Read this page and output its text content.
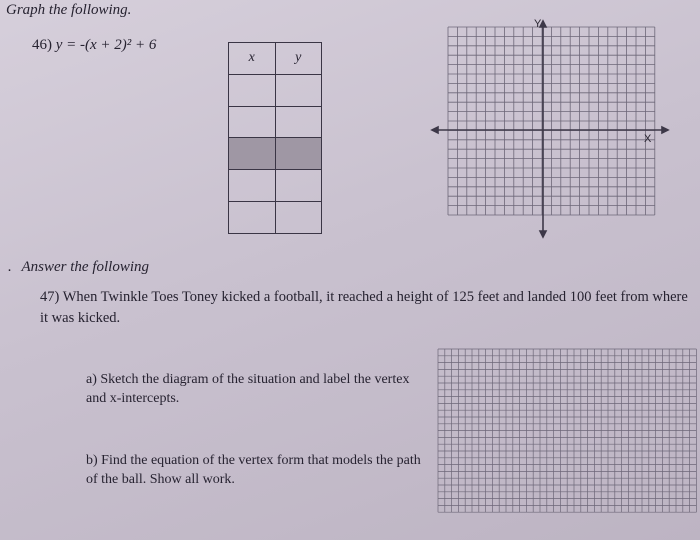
Graph the following.
46) y = -(x + 2)² + 6
x	y

Y
X
. Answer the following
47) When Twinkle Toes Toney kicked a football, it reached a height of 125 feet and landed 100 feet from where it was kicked.
a) Sketch the diagram of the situation and label the vertex and x-intercepts.
b) Find the equation of the vertex form that models the path of the ball. Show all work.
